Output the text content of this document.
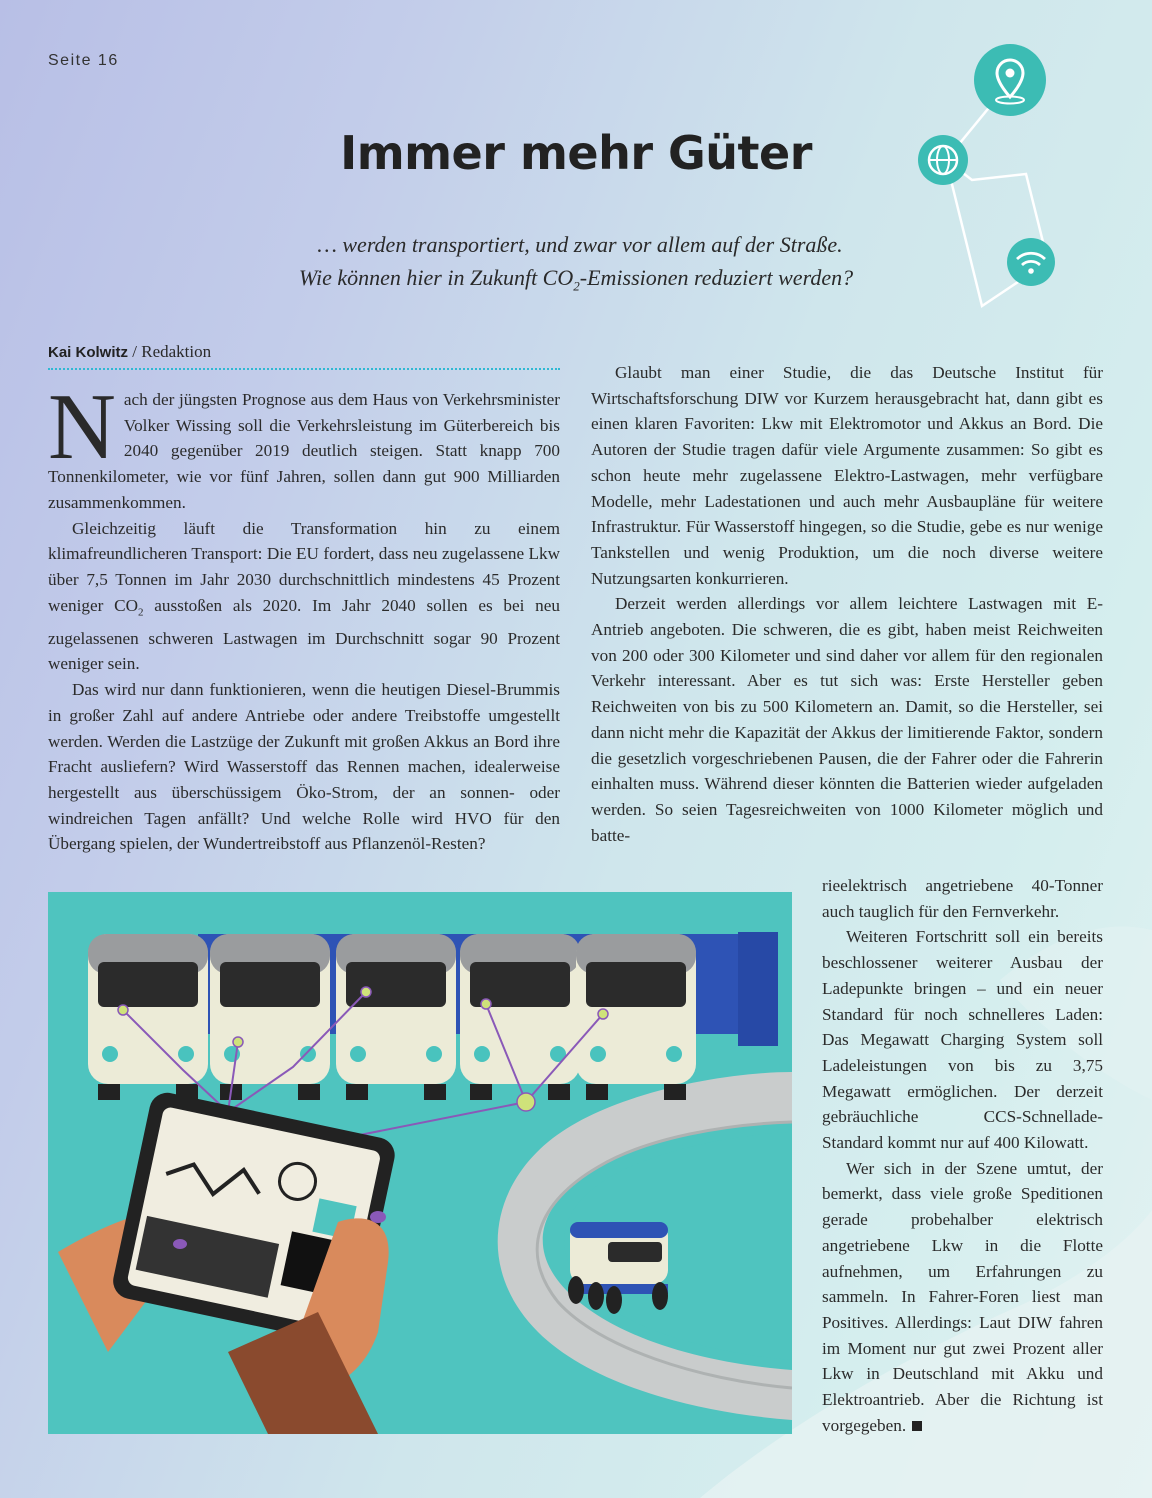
Seite 16
Immer mehr Güter
… werden transportiert, und zwar vor allem auf der Straße.
Wie können hier in Zukunft $CO_2$-Emissionen reduziert werden?
Kai Kolwitz / Redaktion

Nach der jüngsten Prognose aus dem Haus von Verkehrsminister Volker Wissing soll die Verkehrsleistung im Güterbereich bis 2040 gegenüber 2019 deutlich steigen. Statt knapp 700 Tonnenkilometer, wie vor fünf Jahren, sollen dann gut 900 Milliarden zusammenkommen.

Gleichzeitig läuft die Transformation hin zu einem klimafreundlicheren Transport: Die EU fordert, dass neu zugelassene Lkw über 7,5 Tonnen im Jahr 2030 durchschnittlich mindestens 45 Prozent weniger $CO_2$ ausstoßen als 2020. Im Jahr 2040 sollen es bei neu zugelassenen schweren Lastwagen im Durchschnitt sogar 90 Prozent weniger sein.

Das wird nur dann funktionieren, wenn die heutigen Diesel-Brummis in großer Zahl auf andere Antriebe oder andere Treibstoffe umgestellt werden. Werden die Lastzüge der Zukunft mit großen Akkus an Bord ihre Fracht ausliefern? Wird Wasserstoff das Rennen machen, idealerweise hergestellt aus überschüssigem Öko-Strom, der an sonnen- oder windreichen Tagen anfällt? Und welche Rolle wird HVO für den Übergang spielen, der Wundertreibstoff aus Pflanzenöl-Resten?

Glaubt man einer Studie, die das Deutsche Institut für Wirtschaftsforschung DIW vor Kurzem herausgebracht hat, dann gibt es einen klaren Favoriten: Lkw mit Elektromotor und Akkus an Bord. Die Autoren der Studie tragen dafür viele Argumente zusammen: So gibt es schon heute mehr zugelassene Elektro-Lastwagen, mehr verfügbare Modelle, mehr Ladestationen und auch mehr Ausbaupläne für weitere Infrastruktur. Für Wasserstoff hingegen, so die Studie, gebe es nur wenige Tankstellen und wenig Produktion, um die noch diverse weitere Nutzungsarten konkurrieren.

Derzeit werden allerdings vor allem leichtere Lastwagen mit E-Antrieb angeboten. Die schweren, die es gibt, haben meist Reichweiten von 200 oder 300 Kilometer und sind daher vor allem für den regionalen Verkehr interessant. Aber es tut sich was: Erste Hersteller geben Reichweiten von bis zu 500 Kilometern an. Damit, so die Hersteller, sei dann nicht mehr die Kapazität der Akkus der limitierende Faktor, sondern die gesetzlich vorgeschriebenen Pausen, die der Fahrer oder die Fahrerin einhalten muss. Während dieser könnten die Batterien wieder aufgeladen werden. So seien Tagesreichweiten von 1000 Kilometer möglich und batte-

rieelektrisch angetriebene 40-Tonner auch tauglich für den Fernverkehr.

Weiteren Fortschritt soll ein bereits beschlossener weiterer Ausbau der Ladepunkte bringen – und ein neuer Standard für noch schnelleres Laden: Das Megawatt Charging System soll Ladeleistungen von bis zu 3,75 Megawatt ermöglichen. Der derzeit gebräuchliche CCS-Schnellade-Standard kommt nur auf 400 Kilowatt.

Wer sich in der Szene umtut, der bemerkt, dass viele große Speditionen gerade probehalber elektrisch angetriebene Lkw in die Flotte aufnehmen, um Erfahrungen zu sammeln. In Fahrer-Foren liest man Positives. Allerdings: Laut DIW fahren im Moment nur gut zwei Prozent aller Lkw in Deutschland mit Akku und Elektroantrieb. Aber die Richtung ist vorgegeben.
